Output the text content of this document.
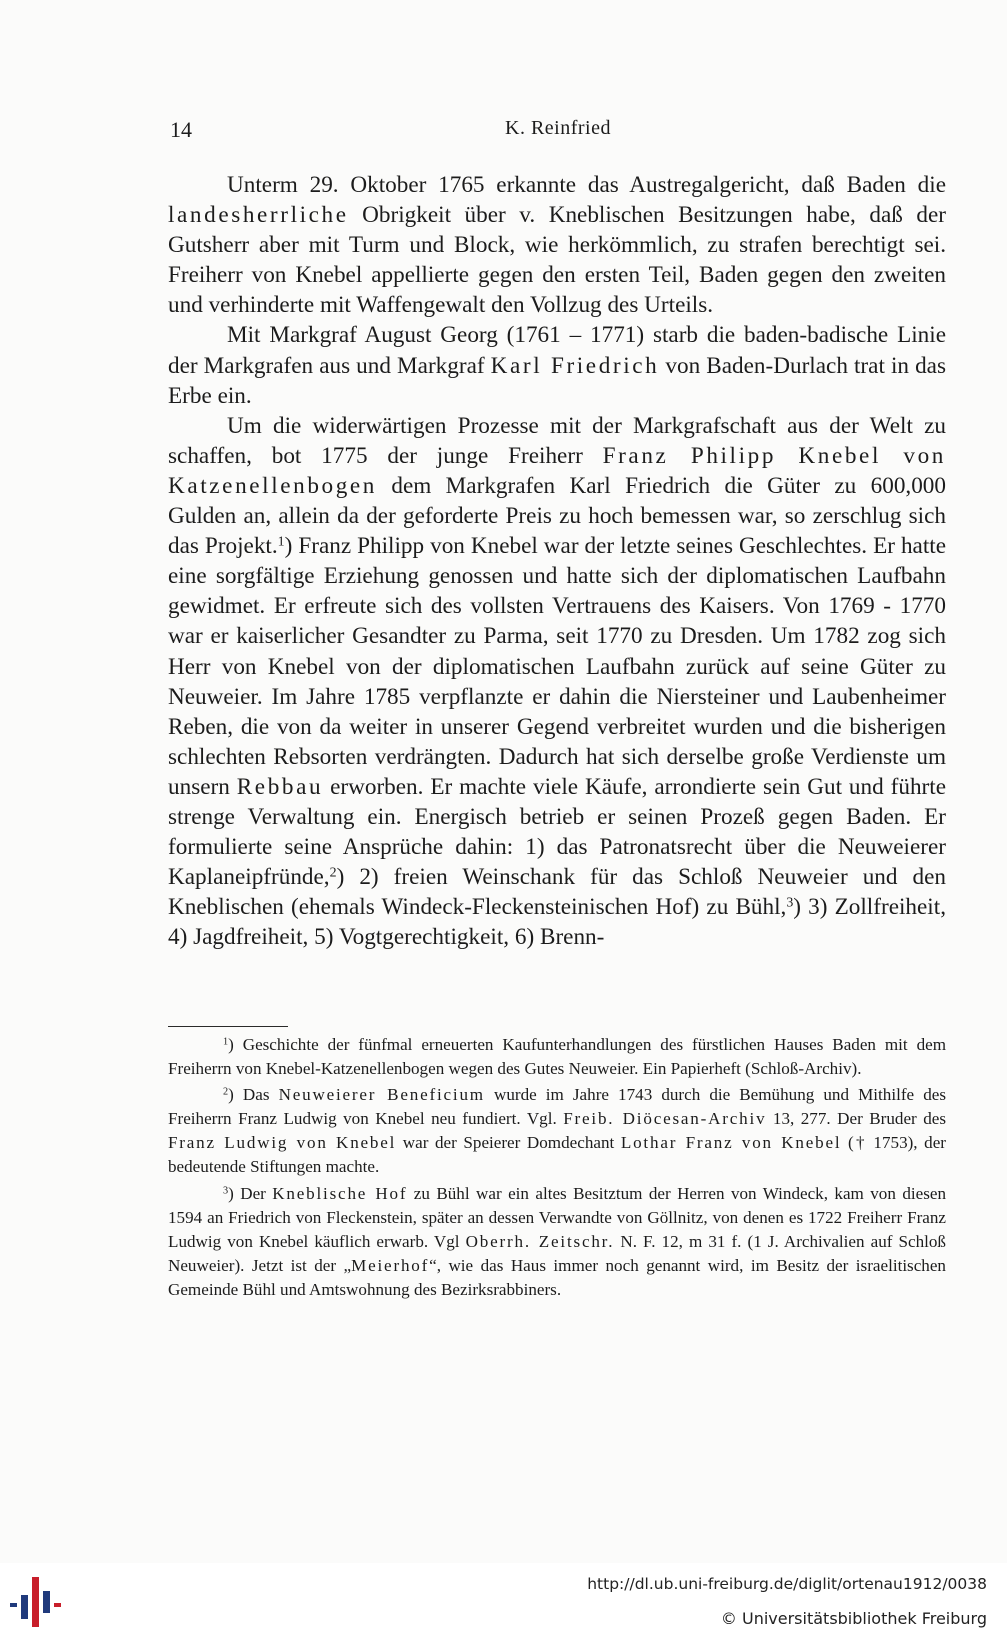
14	K. Reinfried

Unterm 29. Oktober 1765 erkannte das Austregalgericht, daß Baden die landesherrliche Obrigkeit über v. Kneblischen Besitzungen habe, daß der Gutsherr aber mit Turm und Block, wie herkömmlich, zu strafen berechtigt sei. Freiherr von Knebel appellierte gegen den ersten Teil, Baden gegen den zweiten und verhinderte mit Waffengewalt den Vollzug des Urteils.

Mit Markgraf August Georg (1761 – 1771) starb die baden-badische Linie der Markgrafen aus und Markgraf Karl Friedrich von Baden-Durlach trat in das Erbe ein.

Um die widerwärtigen Prozesse mit der Markgrafschaft aus der Welt zu schaffen, bot 1775 der junge Freiherr Franz Philipp Knebel von Katzenellenbogen dem Markgrafen Karl Friedrich die Güter zu 600,000 Gulden an, allein da der geforderte Preis zu hoch bemessen war, so zerschlug sich das Projekt.$^1$) Franz Philipp von Knebel war der letzte seines Geschlechtes. Er hatte eine sorgfältige Erziehung genossen und hatte sich der diplomatischen Laufbahn gewidmet. Er erfreute sich des vollsten Vertrauens des Kaisers. Von 1769 - 1770 war er kaiserlicher Gesandter zu Parma, seit 1770 zu Dresden. Um 1782 zog sich Herr von Knebel von der diplomatischen Laufbahn zurück auf seine Güter zu Neuweier. Im Jahre 1785 verpflanzte er dahin die Niersteiner und Laubenheimer Reben, die von da weiter in unserer Gegend verbreitet wurden und die bisherigen schlechten Rebsorten verdrängten. Dadurch hat sich derselbe große Verdienste um unsern Rebbau erworben. Er machte viele Käufe, arrondierte sein Gut und führte strenge Verwaltung ein. Energisch betrieb er seinen Prozeß gegen Baden. Er formulierte seine Ansprüche dahin: 1) das Patronatsrecht über die Neuweierer Kaplaneipfründe,$^2$) 2) freien Weinschank für das Schloß Neuweier und den Kneblischen (ehemals Windeck-Fleckensteinischen Hof) zu Bühl,$^3$) 3) Zollfreiheit, 4) Jagdfreiheit, 5) Vogtgerechtigkeit, 6) Brenn-

$^1$) Geschichte der fünfmal erneuerten Kaufunterhandlungen des fürstlichen Hauses Baden mit dem Freiherrn von Knebel-Katzenellenbogen wegen des Gutes Neuweier. Ein Papierheft (Schloß-Archiv).

$^2$) Das Neuweierer Beneficium wurde im Jahre 1743 durch die Bemühung und Mithilfe des Freiherrn Franz Ludwig von Knebel neu fundiert. Vgl. Freib. Diöcesan-Archiv 13, 277. Der Bruder des Franz Ludwig von Knebel war der Speierer Domdechant Lothar Franz von Knebel († 1753), der bedeutende Stiftungen machte.

$^3$) Der Kneblische Hof zu Bühl war ein altes Besitztum der Herren von Windeck, kam von diesen 1594 an Friedrich von Fleckenstein, später an dessen Verwandte von Göllnitz, von denen es 1722 Freiherr Franz Ludwig von Knebel käuflich erwarb. Vgl Oberrh. Zeitschr. N. F. 12, m 31 f. (1 J. Archivalien auf Schloß Neuweier). Jetzt ist der „Meierhof“, wie das Haus immer noch genannt wird, im Besitz der israelitischen Gemeinde Bühl und Amtswohnung des Bezirksrabbiners.

http://dl.ub.uni-freiburg.de/diglit/ortenau1912/0038
© Universitätsbibliothek Freiburg
